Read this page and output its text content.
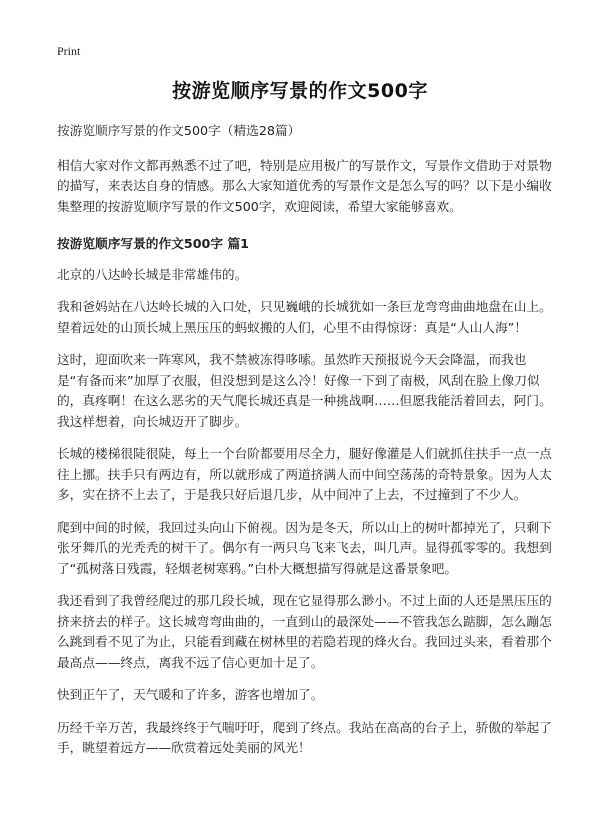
Print
按游览顺序写景的作文500字

按游览顺序写景的作文500字（精选28篇）

相信大家对作文都再熟悉不过了吧，特别是应用极广的写景作文，写景作文借助于对景物的描写，来表达自身的情感。那么大家知道优秀的写景作文是怎么写的吗？以下是小编收集整理的按游览顺序写景的作文500字，欢迎阅读，希望大家能够喜欢。

按游览顺序写景的作文500字 篇1

北京的八达岭长城是非常雄伟的。

我和爸妈站在八达岭长城的入口处，只见巍峨的长城犹如一条巨龙弯弯曲曲地盘在山上。望着远处的山顶长城上黑压压的蚂蚁搬的人们，心里不由得惊讶：真是“人山人海”！

这时，迎面吹来一阵寒风，我不禁被冻得哆嗦。虽然昨天预报说今天会降温，而我也是“有备而来”加厚了衣服，但没想到是这么冷！好像一下到了南极，风刮在脸上像刀似的，真疼啊！在这么恶劣的天气爬长城还真是一种挑战啊……但愿我能活着回去，阿门。我这样想着，向长城迈开了脚步。

长城的楼梯很陡很陡，每上一个台阶都要用尽全力，腿好像灌是人们就抓住扶手一点一点往上挪。扶手只有两边有，所以就形成了两道挤满人而中间空荡荡的奇特景象。因为人太多，实在挤不上去了，于是我只好后退几步，从中间冲了上去，不过撞到了不少人。

爬到中间的时候，我回过头向山下俯视。因为是冬天，所以山上的树叶都掉光了，只剩下张牙舞爪的光秃秃的树干了。偶尔有一两只乌飞来飞去，叫几声。显得孤零零的。我想到了“孤树落日残霞，轻烟老树寒鸦。”白朴大概想描写得就是这番景象吧。

我还看到了我曾经爬过的那几段长城，现在它显得那么渺小。不过上面的人还是黑压压的挤来挤去的样子。这长城弯弯曲曲的，一直到山的最深处——不管我怎么踮脚，怎么蹦怎么跳到看不见了为止，只能看到藏在树林里的若隐若现的烽火台。我回过头来，看着那个最高点——终点，离我不远了信心更加十足了。

快到正午了，天气暖和了许多，游客也增加了。

历经千辛万苦，我最终终于气喘吁吁，爬到了终点。我站在高高的台子上，骄傲的举起了手，眺望着远方——欣赏着远处美丽的风光！
